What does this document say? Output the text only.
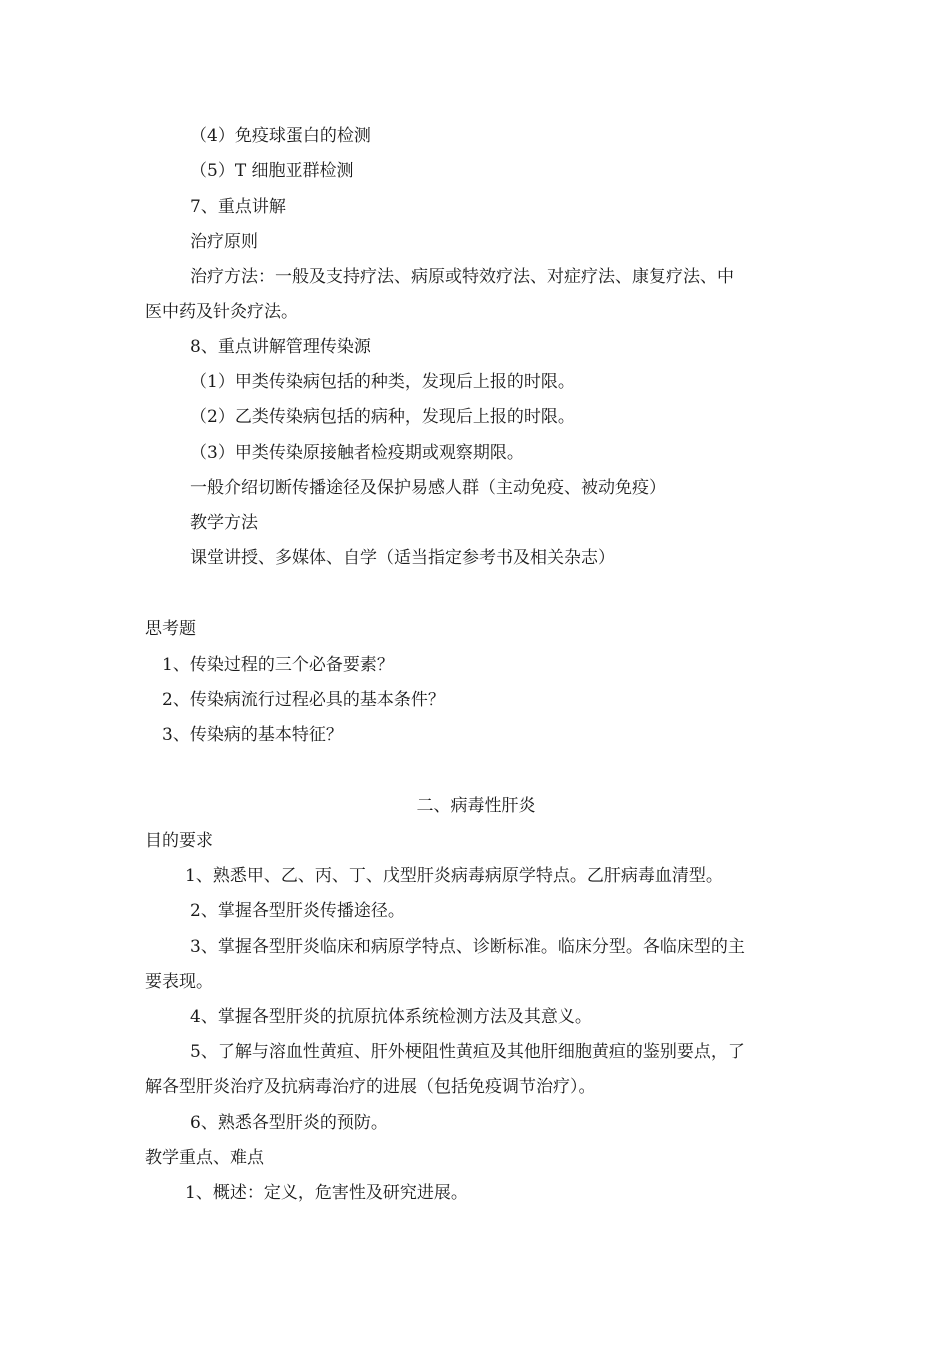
（4）免疫球蛋白的检测
（5）T 细胞亚群检测
7、重点讲解
治疗原则
治疗方法：一般及支持疗法、病原或特效疗法、对症疗法、康复疗法、中
医中药及针灸疗法。
8、重点讲解管理传染源
（1）甲类传染病包括的种类，发现后上报的时限。
（2）乙类传染病包括的病种，发现后上报的时限。
（3）甲类传染原接触者检疫期或观察期限。
一般介绍切断传播途径及保护易感人群（主动免疫、被动免疫）
教学方法
课堂讲授、多媒体、自学（适当指定参考书及相关杂志）
思考题
1、传染过程的三个必备要素？
2、传染病流行过程必具的基本条件？
3、传染病的基本特征？
二、病毒性肝炎
目的要求
1、熟悉甲、乙、丙、丁、戊型肝炎病毒病原学特点。乙肝病毒血清型。
2、掌握各型肝炎传播途径。
3、掌握各型肝炎临床和病原学特点、诊断标准。临床分型。各临床型的主
要表现。
4、掌握各型肝炎的抗原抗体系统检测方法及其意义。
5、了解与溶血性黄疸、肝外梗阻性黄疸及其他肝细胞黄疸的鉴别要点，了
解各型肝炎治疗及抗病毒治疗的进展（包括免疫调节治疗）。
6、熟悉各型肝炎的预防。
教学重点、难点
1、概述：定义，危害性及研究进展。
